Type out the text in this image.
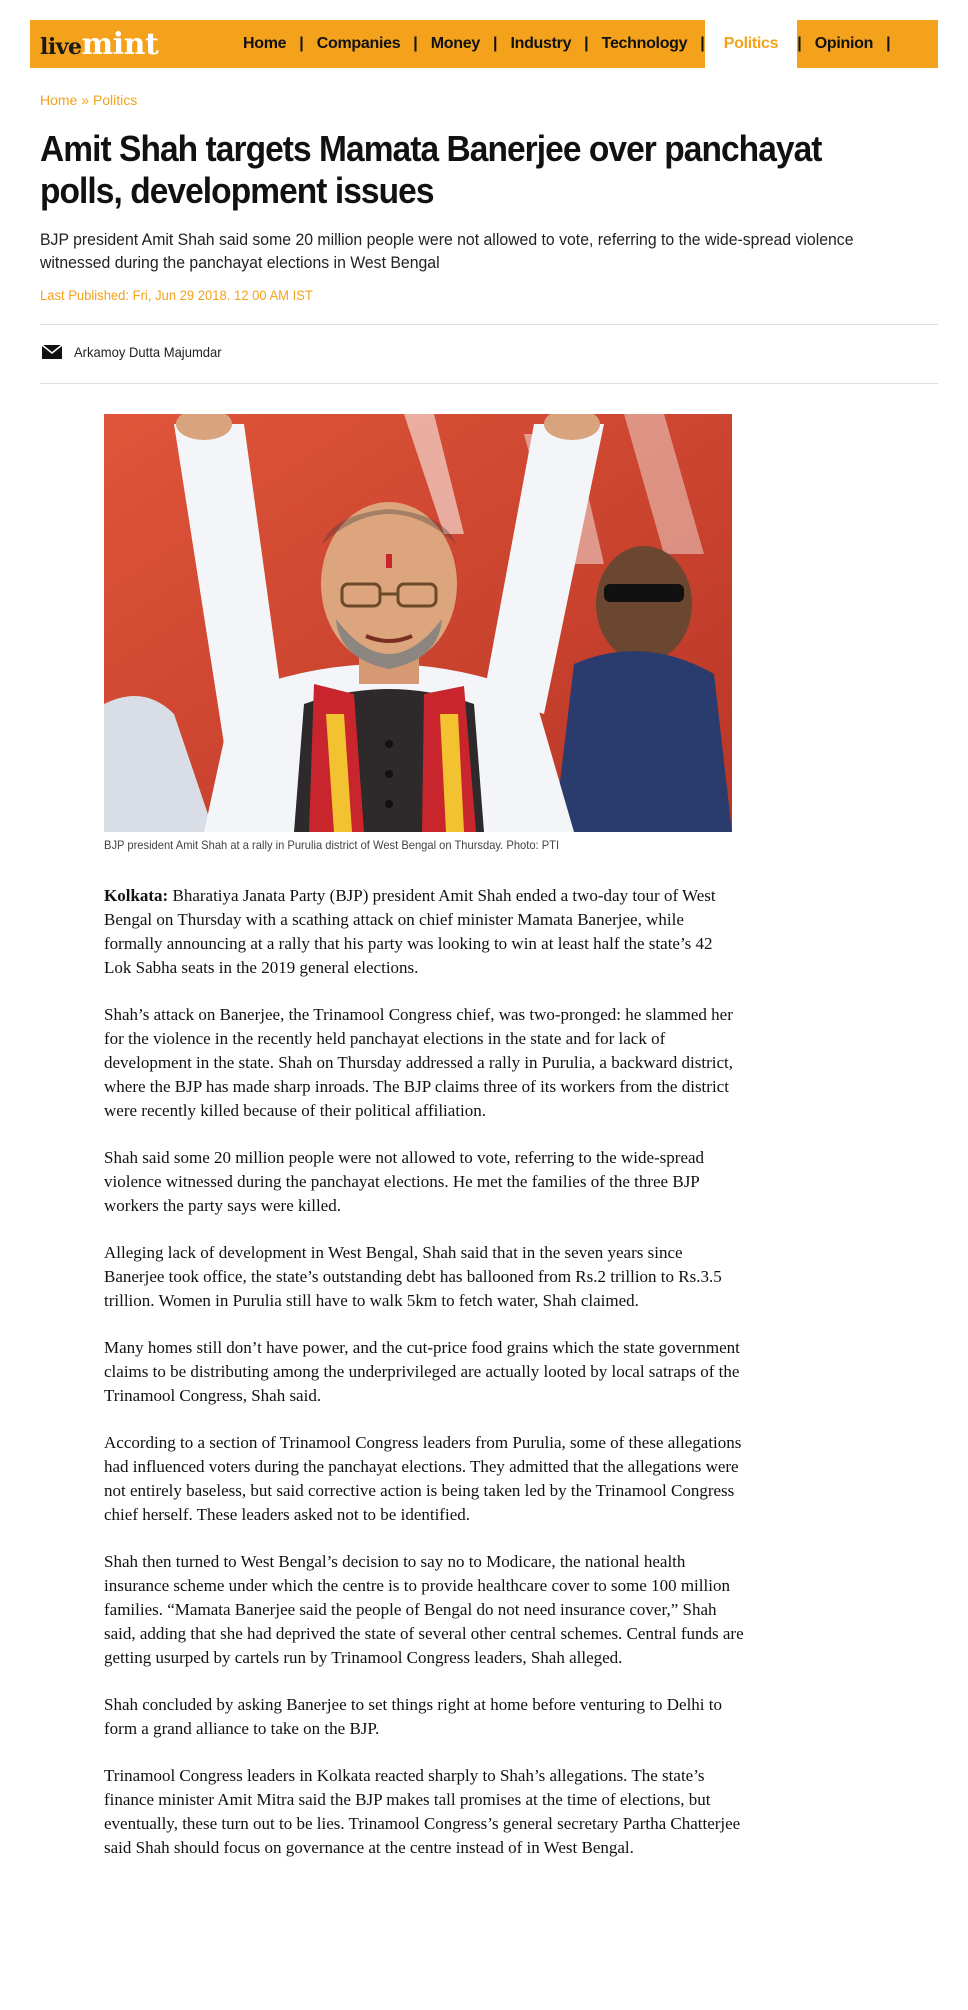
live mint	Home | Companies | Money | Industry | Technology |	Politics	| Opinion |
Home » Politics
Amit Shah targets Mamata Banerjee over panchayat polls, development issues

BJP president Amit Shah said some 20 million people were not allowed to vote, referring to the wide-spread violence witnessed during the panchayat elections in West Bengal

Last Published: Fri, Jun 29 2018. 12 00 AM IST
Arkamoy Dutta Majumdar
BJP president Amit Shah at a rally in Purulia district of West Bengal on Thursday. Photo: PTI

Kolkata: Bharatiya Janata Party (BJP) president Amit Shah ended a two-day tour of West Bengal on Thursday with a scathing attack on chief minister Mamata Banerjee, while formally announcing at a rally that his party was looking to win at least half the state’s 42 Lok Sabha seats in the 2019 general elections.

Shah’s attack on Banerjee, the Trinamool Congress chief, was two-pronged: he slammed her for the violence in the recently held panchayat elections in the state and for lack of development in the state. Shah on Thursday addressed a rally in Purulia, a backward district, where the BJP has made sharp inroads. The BJP claims three of its workers from the district were recently killed because of their political affiliation.

Shah said some 20 million people were not allowed to vote, referring to the wide-spread violence witnessed during the panchayat elections. He met the families of the three BJP workers the party says were killed.

Alleging lack of development in West Bengal, Shah said that in the seven years since Banerjee took office, the state’s outstanding debt has ballooned from Rs.2 trillion to Rs.3.5 trillion. Women in Purulia still have to walk 5km to fetch water, Shah claimed.

Many homes still don’t have power, and the cut-price food grains which the state government claims to be distributing among the underprivileged are actually looted by local satraps of the Trinamool Congress, Shah said.

According to a section of Trinamool Congress leaders from Purulia, some of these allegations had influenced voters during the panchayat elections. They admitted that the allegations were not entirely baseless, but said corrective action is being taken led by the Trinamool Congress chief herself. These leaders asked not to be identified.

Shah then turned to West Bengal’s decision to say no to Modicare, the national health insurance scheme under which the centre is to provide healthcare cover to some 100 million families. “Mamata Banerjee said the people of Bengal do not need insurance cover,” Shah said, adding that she had deprived the state of several other central schemes. Central funds are getting usurped by cartels run by Trinamool Congress leaders, Shah alleged.

Shah concluded by asking Banerjee to set things right at home before venturing to Delhi to form a grand alliance to take on the BJP.

Trinamool Congress leaders in Kolkata reacted sharply to Shah’s allegations. The state’s finance minister Amit Mitra said the BJP makes tall promises at the time of elections, but eventually, these turn out to be lies. Trinamool Congress’s general secretary Partha Chatterjee said Shah should focus on governance at the centre instead of in West Bengal.
